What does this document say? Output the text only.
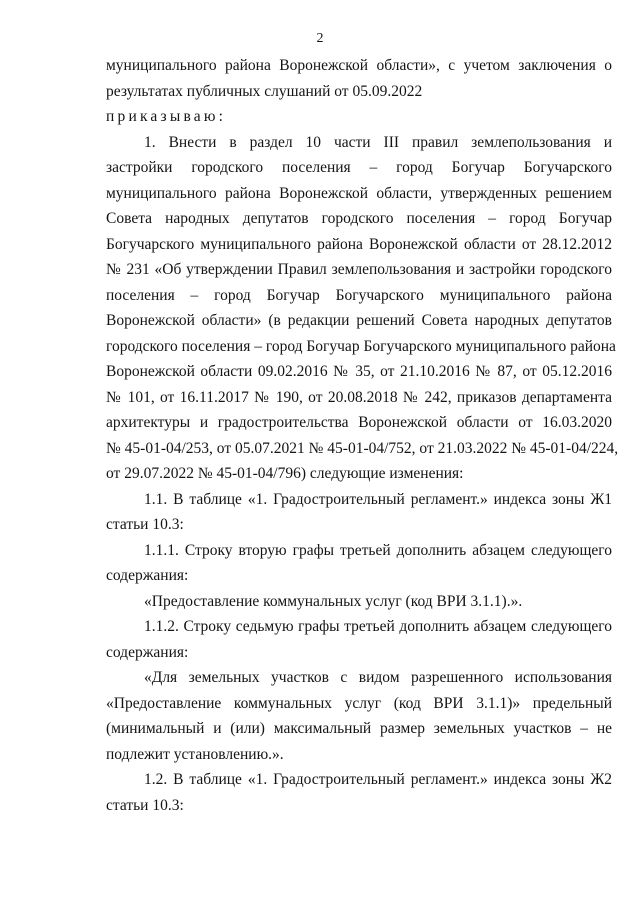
2
муниципального района Воронежской области», с учетом заключения о
результатах публичных слушаний от 05.09.2022
приказываю:
1. Внести в раздел 10 части III правил землепользования и
застройки городского поселения – город Богучар Богучарского
муниципального района Воронежской области, утвержденных решением
Совета народных депутатов городского поселения – город Богучар
Богучарского муниципального района Воронежской области от 28.12.2012
№ 231 «Об утверждении Правил землепользования и застройки городского
поселения – город Богучар Богучарского муниципального района
Воронежской области» (в редакции решений Совета народных депутатов
городского поселения – город Богучар Богучарского муниципального района
Воронежской области 09.02.2016 № 35, от 21.10.2016 № 87, от 05.12.2016
№ 101, от 16.11.2017 № 190, от 20.08.2018 № 242, приказов департамента
архитектуры и градостроительства Воронежской области от 16.03.2020
№ 45-01-04/253, от 05.07.2021 № 45-01-04/752, от 21.03.2022 № 45-01-04/224,
от 29.07.2022 № 45-01-04/796) следующие изменения:
1.1. В таблице «1. Градостроительный регламент.» индекса зоны Ж1
статьи 10.3:
1.1.1. Строку вторую графы третьей дополнить абзацем следующего
содержания:
«Предоставление коммунальных услуг (код ВРИ 3.1.1).».
1.1.2. Строку седьмую графы третьей дополнить абзацем следующего
содержания:
«Для земельных участков с видом разрешенного использования
«Предоставление коммунальных услуг (код ВРИ 3.1.1)» предельный
(минимальный и (или) максимальный размер земельных участков – не
подлежит установлению.».
1.2. В таблице «1. Градостроительный регламент.» индекса зоны Ж2
статьи 10.3:
